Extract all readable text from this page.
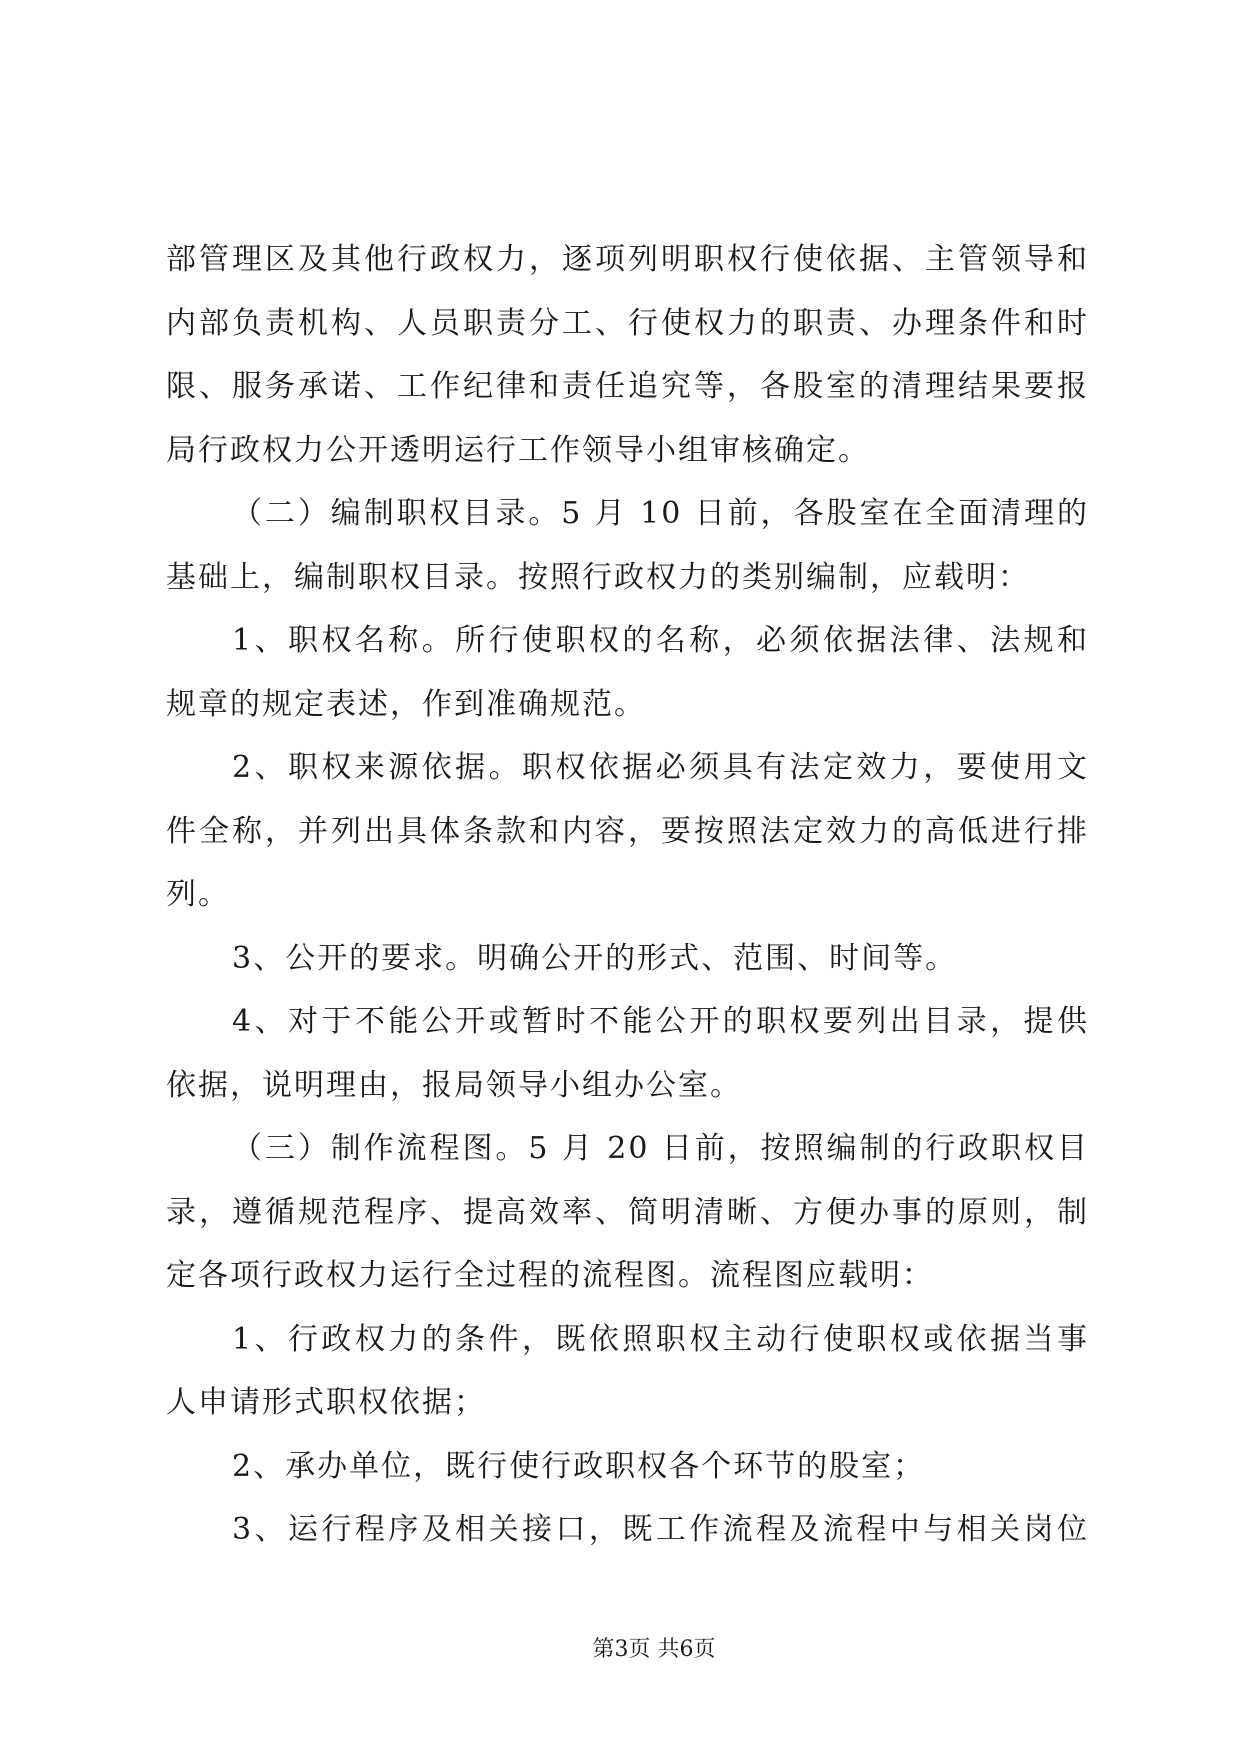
部管理区及其他行政权力，逐项列明职权行使依据、主管领导和
内部负责机构、人员职责分工、行使权力的职责、办理条件和时
限、服务承诺、工作纪律和责任追究等，各股室的清理结果要报
局行政权力公开透明运行工作领导小组审核确定。
（二）编制职权目录。5 月 10 日前，各股室在全面清理的
基础上，编制职权目录。按照行政权力的类别编制，应载明：
1、职权名称。所行使职权的名称，必须依据法律、法规和
规章的规定表述，作到准确规范。
2、职权来源依据。职权依据必须具有法定效力，要使用文
件全称，并列出具体条款和内容，要按照法定效力的高低进行排
列。
3、公开的要求。明确公开的形式、范围、时间等。
4、对于不能公开或暂时不能公开的职权要列出目录，提供
依据，说明理由，报局领导小组办公室。
（三）制作流程图。5 月 20 日前，按照编制的行政职权目
录，遵循规范程序、提高效率、简明清晰、方便办事的原则，制
定各项行政权力运行全过程的流程图。流程图应载明：
1、行政权力的条件，既依照职权主动行使职权或依据当事
人申请形式职权依据；
2、承办单位，既行使行政职权各个环节的股室；
3、运行程序及相关接口，既工作流程及流程中与相关岗位
第3页 共6页
